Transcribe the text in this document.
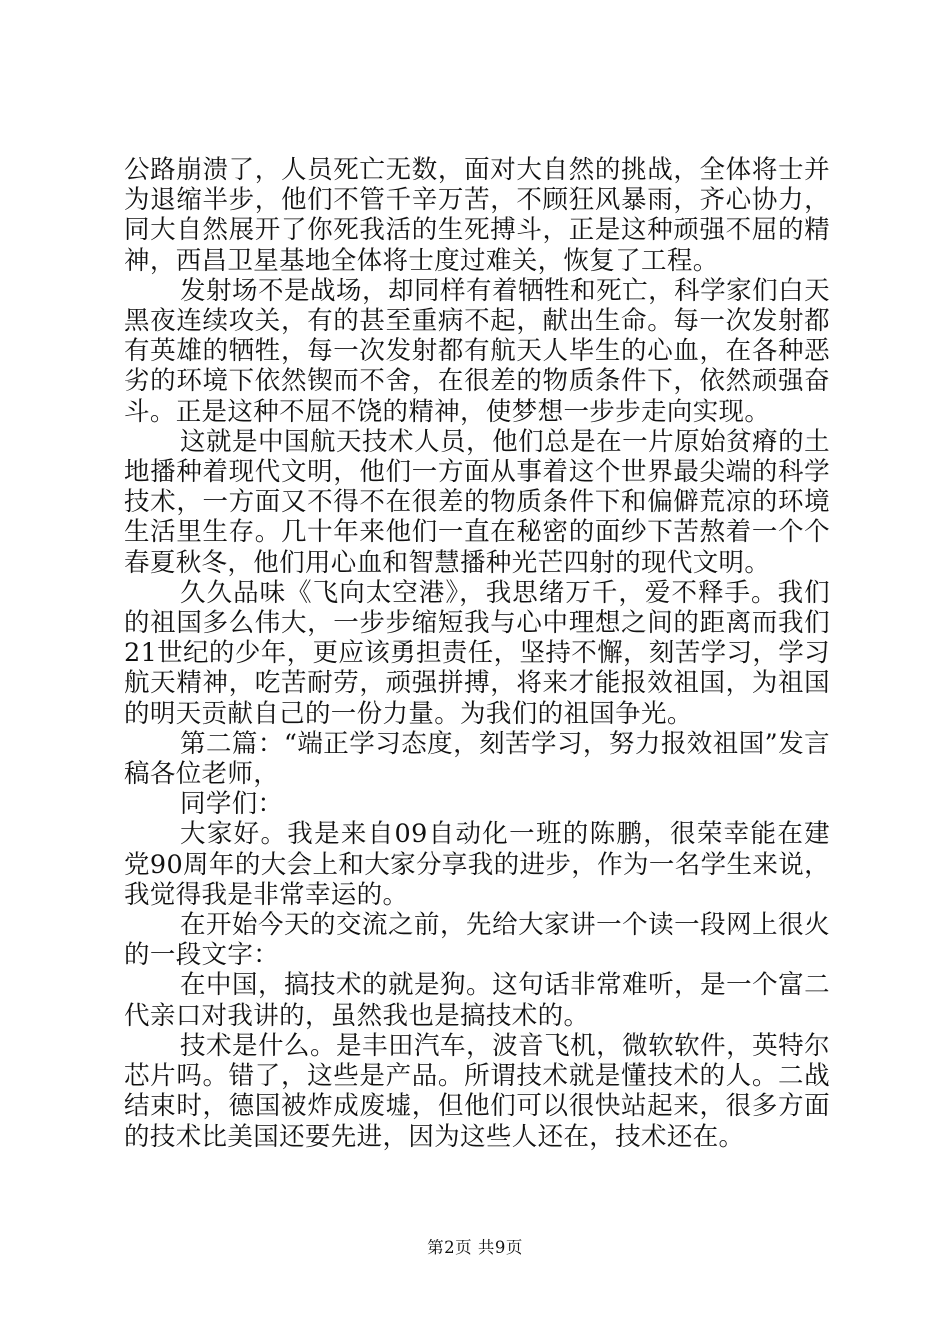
公路崩溃了，人员死亡无数，面对大自然的挑战，全体将士并为退缩半步，他们不管千辛万苦，不顾狂风暴雨，齐心协力，同大自然展开了你死我活的生死搏斗，正是这种顽强不屈的精神，西昌卫星基地全体将士度过难关，恢复了工程。

发射场不是战场，却同样有着牺牲和死亡，科学家们白天黑夜连续攻关，有的甚至重病不起，献出生命。每一次发射都有英雄的牺牲，每一次发射都有航天人毕生的心血，在各种恶劣的环境下依然锲而不舍，在很差的物质条件下，依然顽强奋斗。正是这种不屈不饶的精神，使梦想一步步走向实现。

这就是中国航天技术人员，他们总是在一片原始贫瘠的土地播种着现代文明，他们一方面从事着这个世界最尖端的科学技术，一方面又不得不在很差的物质条件下和偏僻荒凉的环境生活里生存。几十年来他们一直在秘密的面纱下苦熬着一个个春夏秋冬，他们用心血和智慧播种光芒四射的现代文明。

久久品味《飞向太空港》，我思绪万千，爱不释手。我们的祖国多么伟大，一步步缩短我与心中理想之间的距离而我们21世纪的少年，更应该勇担责任，坚持不懈，刻苦学习，学习航天精神，吃苦耐劳，顽强拼搏，将来才能报效祖国，为祖国的明天贡献自己的一份力量。为我们的祖国争光。

第二篇：“端正学习态度，刻苦学习，努力报效祖国”发言稿各位老师，

同学们：

大家好。我是来自09自动化一班的陈鹏，很荣幸能在建党90周年的大会上和大家分享我的进步，作为一名学生来说，我觉得我是非常幸运的。

在开始今天的交流之前，先给大家讲一个读一段网上很火的一段文字：

在中国，搞技术的就是狗。这句话非常难听，是一个富二代亲口对我讲的，虽然我也是搞技术的。

技术是什么。是丰田汽车，波音飞机，微软软件，英特尔芯片吗。错了，这些是产品。所谓技术就是懂技术的人。二战结束时，德国被炸成废墟，但他们可以很快站起来，很多方面的技术比美国还要先进，因为这些人还在，技术还在。

第2页 共9页
